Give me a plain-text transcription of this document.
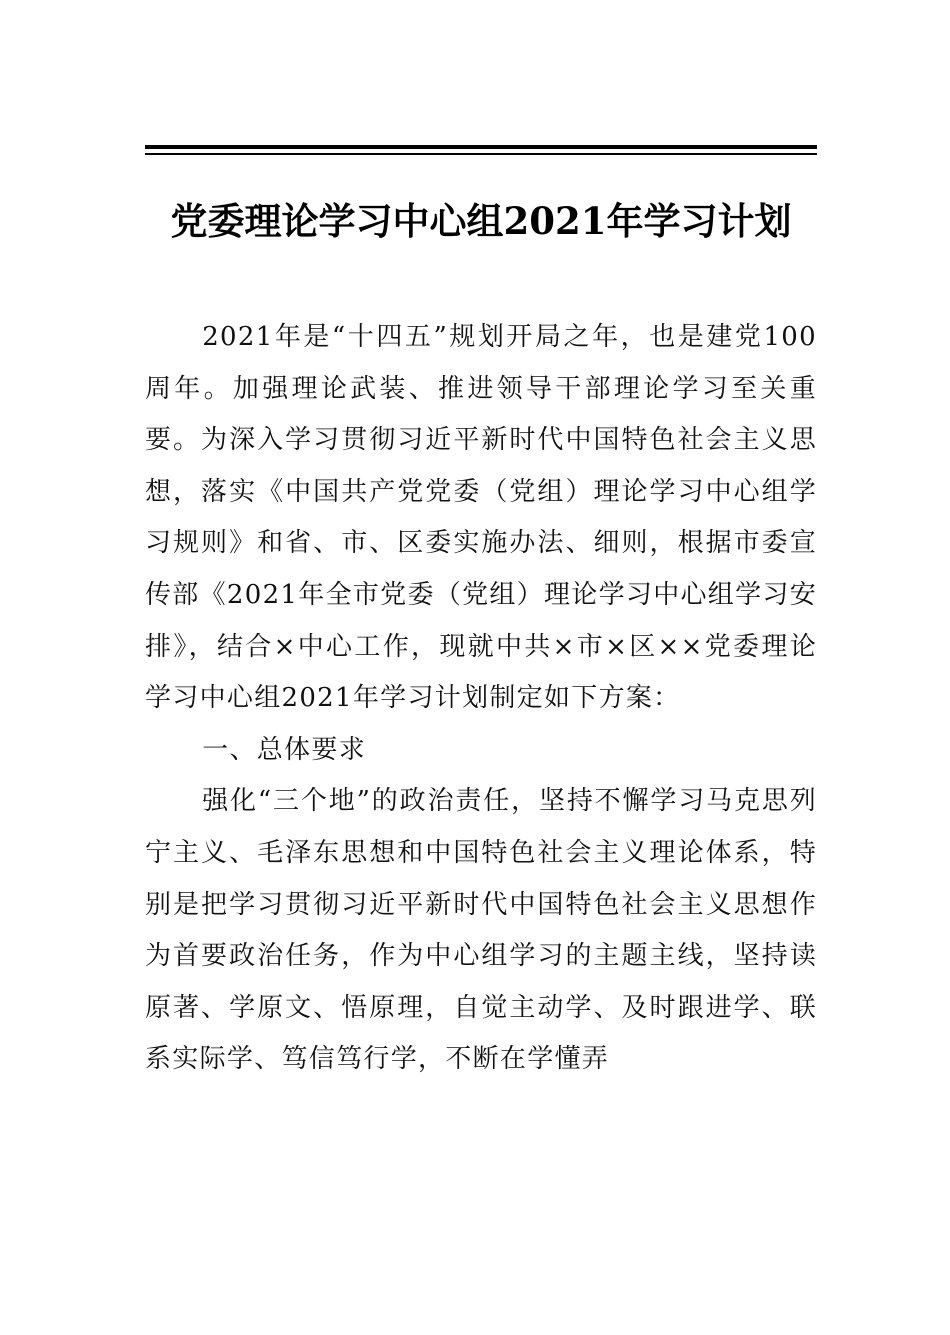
党委理论学习中心组2021年学习计划

2021年是“十四五”规划开局之年，也是建党100周年。加强理论武装、推进领导干部理论学习至关重要。为深入学习贯彻习近平新时代中国特色社会主义思想，落实《中国共产党党委（党组）理论学习中心组学习规则》和省、市、区委实施办法、细则，根据市委宣传部《2021年全市党委（党组）理论学习中心组学习安排》，结合×中心工作，现就中共×市×区××党委理论学习中心组2021年学习计划制定如下方案：

一、总体要求

强化“三个地”的政治责任，坚持不懈学习马克思列宁主义、毛泽东思想和中国特色社会主义理论体系，特别是把学习贯彻习近平新时代中国特色社会主义思想作为首要政治任务，作为中心组学习的主题主线，坚持读原著、学原文、悟原理，自觉主动学、及时跟进学、联系实际学、笃信笃行学，不断在学懂弄
